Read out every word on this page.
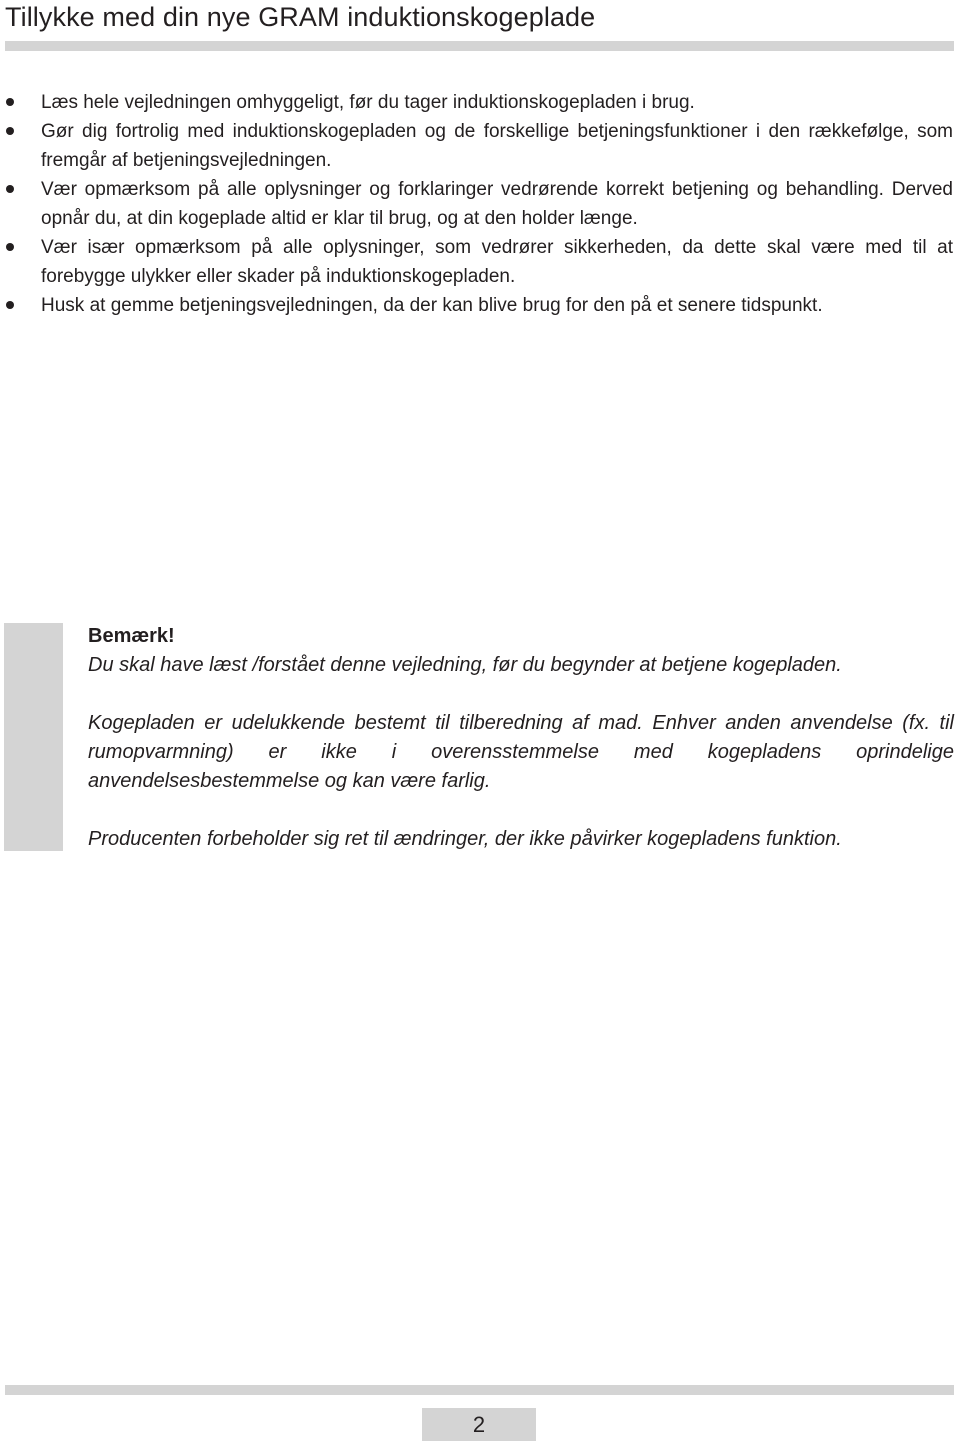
Tillykke med din nye GRAM induktionskogeplade
Læs hele vejledningen omhyggeligt, før du tager induktionskogepladen i brug.
Gør dig fortrolig med induktionskogepladen og de forskellige betjeningsfunktioner i den rækkefølge, som fremgår af betjeningsvejledningen.
Vær opmærksom på alle oplysninger og forklaringer vedrørende korrekt betjening og behandling. Derved opnår du, at din kogeplade altid er klar til brug, og at den holder længe.
Vær især opmærksom på alle oplysninger, som vedrører sikkerheden, da dette skal være med til at forebygge ulykker eller skader på induktionskogepladen.
Husk at gemme betjeningsvejledningen, da der kan blive brug for den på et senere tidspunkt.

Bemærk!

Du skal have læst /forstået denne vejledning, før du begynder at betjene kogepladen.

Kogepladen er udelukkende bestemt til tilberedning af mad. Enhver anden anvendelse (fx. til rumopvarmning) er ikke i overensstemmelse med kogepladens oprindelige anvendelsesbestemmelse og kan være farlig.

Producenten forbeholder sig ret til ændringer, der ikke påvirker kogepladens funktion.

2
